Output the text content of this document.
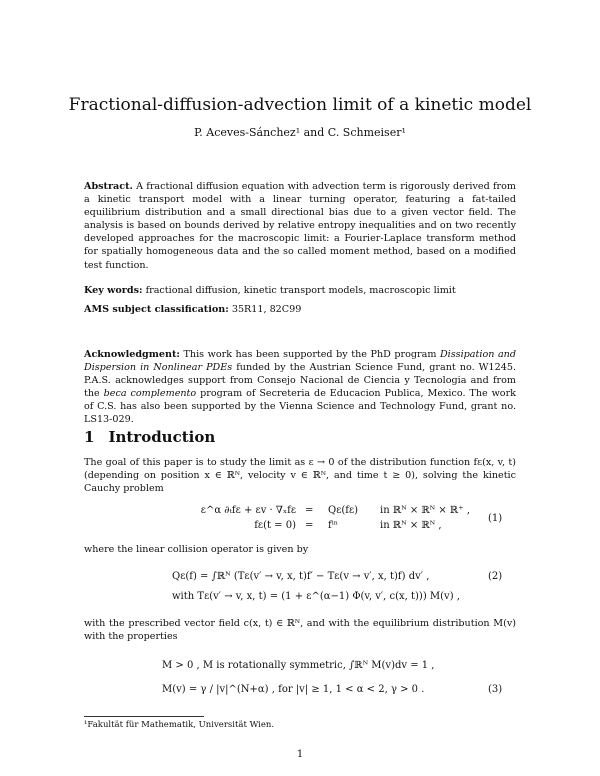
Fractional-diffusion-advection limit of a kinetic model
P. Aceves-Sánchez¹ and C. Schmeiser¹
Abstract. A fractional diffusion equation with advection term is rigorously derived from a kinetic transport model with a linear turning operator, featuring a fat-tailed equilibrium distribution and a small directional bias due to a given vector field. The analysis is based on bounds derived by relative entropy inequalities and on two recently developed approaches for the macroscopic limit: a Fourier-Laplace transform method for spatially homogeneous data and the so called moment method, based on a modified test function.
Key words: fractional diffusion, kinetic transport models, macroscopic limit
AMS subject classification: 35R11, 82C99
Acknowledgment: This work has been supported by the PhD program Dissipation and Dispersion in Nonlinear PDEs funded by the Austrian Science Fund, grant no. W1245. P.A.S. acknowledges support from Consejo Nacional de Ciencia y Tecnologia and from the beca complemento program of Secreteria de Educacion Publica, Mexico. The work of C.S. has also been supported by the Vienna Science and Technology Fund, grant no. LS13-029.
1 Introduction
The goal of this paper is to study the limit as ε → 0 of the distribution function fε(x, v, t) (depending on position x ∈ ℝᴺ, velocity v ∈ ℝᴺ, and time t ≥ 0), solving the kinetic Cauchy problem
ε^α ∂ₜfε + εv · ∇ₓfε = Qε(fε) in ℝᴺ × ℝᴺ × ℝ⁺ ,
fε(t = 0) = fⁱⁿ	in ℝᴺ × ℝᴺ ,
(1)
where the linear collision operator is given by
Qε(f) = ∫ℝᴺ (Tε(v′ → v, x, t)f′ − Tε(v → v′, x, t)f) dv′ ,
with Tε(v′ → v, x, t) = (1 + ε^(α−1) Φ(v, v′, c(x, t))) M(v) ,
(2)
with the prescribed vector field c(x, t) ∈ ℝᴺ, and with the equilibrium distribution M(v) with the properties
M > 0 , M is rotationally symmetric, ∫ℝᴺ M(v)dv = 1 ,
M(v) = γ / |v|^(N+α) , for |v| ≥ 1, 1 < α < 2, γ > 0 .	(3)
¹Fakultät für Mathematik, Universität Wien.
1
